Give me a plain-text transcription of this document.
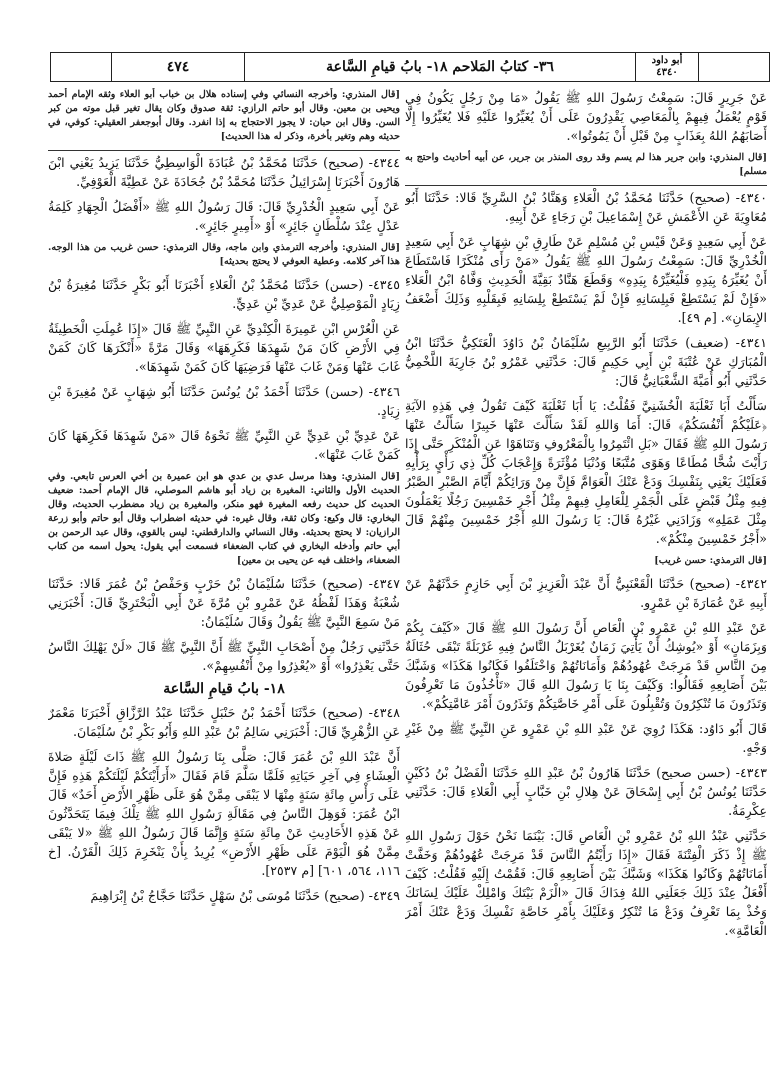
٤٧٤	٣٦- كتابُ المَلاحم ١٨- بابُ قيامِ السَّاعة	أبو داود
٤٣٤٠

عَنْ جَرِيرٍ قَالَ: سَمِعْتُ رَسُولَ اللهِ ﷺ يَقُولُ «مَا مِنْ رَجُلٍ يَكُونُ فِي قَوْمٍ يُعْمَلُ فِيهِمْ بِالْمَعَاصِي يَقْدِرُونَ عَلَى أَنْ يُغَيِّرُوا عَلَيْهِ فَلا يُغَيِّرُوا إِلَّا أَصَابَهُمُ اللهُ بِعَذَابٍ مِنْ قَبْلِ أَنْ يَمُوتُوا».

[قال المنذري: وابن جرير هذا لم يسم وقد روى المنذر بن جرير، عن أبيه أحاديث واحتج به مسلم]

٤٣٤٠- (صحيح) حَدَّثَنَا مُحَمَّدُ بْنُ الْعَلاءِ وَهَنَّادُ بْنُ السَّرِيِّ قَالا: حَدَّثَنَا أَبُو مُعَاوِيَةَ عَنِ الأَعْمَشِ عَنْ إِسْمَاعِيلَ بْنِ رَجَاءٍ عَنْ أَبِيهِ.

عَنْ أَبِي سَعِيدٍ وَعَنْ قَيْسِ بْنِ مُسْلِمٍ عَنْ طَارِقِ بْنِ شِهَابٍ عَنْ أَبِي سَعِيدٍ الْخُدْرِيِّ قَالَ: سَمِعْتُ رَسُولَ اللهِ ﷺ يَقُولُ «مَنْ رَأَى مُنْكَرًا فَاسْتَطَاعَ أَنْ يُغَيِّرَهُ بِيَدِهِ فَلْيُغَيِّرْهُ بِيَدِهِ» وَقَطَعَ هَنَّادٌ بَقِيَّةَ الْحَدِيثِ وَفَّاهُ ابْنُ الْعَلاءِ «فَإِنْ لَمْ يَسْتَطِعْ فَبِلِسَانِهِ فَإِنْ لَمْ يَسْتَطِعْ بِلِسَانِهِ فَبِقَلْبِهِ وَذَلِكَ أَضْعَفُ الإِيمَانِ». [م ٤٩].

٤٣٤١- (ضعيف) حَدَّثَنَا أَبُو الرَّبِيعِ سُلَيْمَانُ بْنُ دَاوُدَ الْعَتَكِيُّ حَدَّثَنَا ابْنُ الْمُبَارَكِ عَنْ عُتْبَةَ بْنِ أَبِي حَكِيمٍ قَالَ: حَدَّثَنِي عَمْرُو بْنُ جَارِيَةَ اللَّخْمِيُّ حَدَّثَنِي أَبُو أُمَيَّةَ الشَّعْبَانِيُّ قَالَ:

سَأَلْتُ أَبَا ثَعْلَبَةَ الْخُشَنِيَّ فَقُلْتُ: يَا أَبَا ثَعْلَبَةَ كَيْفَ تَقُولُ فِي هَذِهِ الآيَةِ ﴿عَلَيْكُمْ أَنْفُسَكُمْ﴾ قَالَ: أَمَا وَاللهِ لَقَدْ سَأَلْتَ عَنْهَا خَبِيرًا سَأَلْتُ عَنْهَا رَسُولَ اللهِ ﷺ فَقَالَ «بَلِ ائْتَمِرُوا بِالْمَعْرُوفِ وَتَنَاهَوْا عَنِ الْمُنْكَرِ حَتَّى إِذَا رَأَيْتَ شُحًّا مُطَاعًا وَهَوًى مُتَّبَعًا وَدُنْيَا مُؤْثَرَةً وَإِعْجَابَ كُلِّ ذِي رَأْيٍ بِرَأْيِهِ فَعَلَيْكَ يَعْنِي بِنَفْسِكَ وَدَعْ عَنْكَ الْعَوَامَّ فَإِنَّ مِنْ وَرَائِكُمْ أَيَّامَ الصَّبْرِ الصَّبْرُ فِيهِ مِثْلُ قَبْضٍ عَلَى الْجَمْرِ لِلْعَامِلِ فِيهِمْ مِثْلُ أَجْرِ خَمْسِينَ رَجُلًا يَعْمَلُونَ مِثْلَ عَمَلِهِ» وَزَادَنِي غَيْرُهُ قَالَ: يَا رَسُولَ اللهِ أَجْرُ خَمْسِينَ مِنْهُمْ قَالَ «أَجْرُ خَمْسِينَ مِنْكُمْ».

[قال الترمذي: حسن غريب]

٤٣٤٢- (صحيح) حَدَّثَنَا الْقَعْنَبِيُّ أَنَّ عَبْدَ الْعَزِيزِ بْنَ أَبِي حَازِمٍ حَدَّثَهُمْ عَنْ أَبِيهِ عَنْ عُمَارَةَ بْنِ عَمْرٍو.

عَنْ عَبْدِ اللهِ بْنِ عَمْرِو بْنِ الْعَاصِ أَنَّ رَسُولَ اللهِ ﷺ قَالَ «كَيْفَ بِكُمْ وَبِزَمَانٍ» أَوْ «يُوشِكُ أَنْ يَأْتِيَ زَمَانٌ يُغَرْبَلُ النَّاسُ فِيهِ غَرْبَلَةً تَبْقَى حُثَالَةٌ مِنَ النَّاسِ قَدْ مَرِجَتْ عُهُودُهُمْ وَأَمَانَاتُهُمْ وَاخْتَلَفُوا فَكَانُوا هَكَذَا» وَشَبَّكَ بَيْنَ أَصَابِعِهِ فَقَالُوا: وَكَيْفَ بِنَا يَا رَسُولَ اللهِ قَالَ «تَأْخُذُونَ مَا تَعْرِفُونَ وَتَذَرُونَ مَا تُنْكِرُونَ وَتُقْبِلُونَ عَلَى أَمْرِ خَاصَّتِكُمْ وَتَذَرُونَ أَمْرَ عَامَّتِكُمْ».

قَالَ أَبُو دَاوُد: هَكَذَا رُوِيَ عَنْ عَبْدِ اللهِ بْنِ عَمْرٍو عَنِ النَّبِيِّ ﷺ مِنْ غَيْرِ وَجْهٍ.

٤٣٤٣- (حسن صحيح) حَدَّثَنَا هَارُونُ بْنُ عَبْدِ اللهِ حَدَّثَنَا الْفَضْلُ بْنُ دُكَيْنٍ حَدَّثَنَا يُونُسُ بْنُ أَبِي إِسْحَاقَ عَنْ هِلالِ بْنِ خَبَّابٍ أَبِي الْعَلاءِ قَالَ: حَدَّثَنِي عِكْرِمَةُ.

حَدَّثَنِي عَبْدُ اللهِ بْنُ عَمْرِو بْنِ الْعَاصِ قَالَ: بَيْنَمَا نَحْنُ حَوْلَ رَسُولِ اللهِ ﷺ إِذْ ذَكَرَ الْفِتْنَةَ فَقَالَ «إِذَا رَأَيْتُمُ النَّاسَ قَدْ مَرِجَتْ عُهُودُهُمْ وَخَفَّتْ أَمَانَاتُهُمْ وَكَانُوا هَكَذَا» وَشَبَّكَ بَيْنَ أَصَابِعِهِ قَالَ: فَقُمْتُ إِلَيْهِ فَقُلْتُ: كَيْفَ أَفْعَلُ عِنْدَ ذَلِكَ جَعَلَنِي اللهُ فِدَاكَ قَالَ «الْزَمْ بَيْتَكَ وَامْلِكْ عَلَيْكَ لِسَانَكَ وَخُذْ بِمَا تَعْرِفُ وَدَعْ مَا تُنْكِرُ وَعَلَيْكَ بِأَمْرِ خَاصَّةِ نَفْسِكَ وَدَعْ عَنْكَ أَمْرَ الْعَامَّةِ».

[قال المنذري: وأخرجه النسائي وفي إسناده هلال بن خباب أبو العلاء وثقه الإمام أحمد ويحيى بن معين. وقال أبو حاتم الرازي: ثقة صدوق وكان يقال تغير قبل موته من كبر السن. وقال ابن حبان: لا يجوز الاحتجاج به إذا انفرد. وقال أبوجعفر العقيلي: كوفي، في حديثه وهم وتغير بأخرة، وذكر له هذا الحديث]

٤٣٤٤- (صحيح) حَدَّثَنَا مُحَمَّدُ بْنُ عُبَادَةَ الْوَاسِطِيُّ حَدَّثَنَا يَزِيدُ يَعْنِي ابْنَ هَارُونَ أَخْبَرَنَا إِسْرَائِيلُ حَدَّثَنَا مُحَمَّدُ بْنُ جُحَادَةَ عَنْ عَطِيَّةَ الْعَوْفِيِّ.

عَنْ أَبِي سَعِيدٍ الْخُدْرِيِّ قَالَ: قَالَ رَسُولُ اللهِ ﷺ «أَفْضَلُ الْجِهَادِ كَلِمَةُ عَدْلٍ عِنْدَ سُلْطَانٍ جَائِرٍ» أَوْ «أَمِيرٍ جَائِرٍ».

[قال المنذري: وأخرجه الترمذي وابن ماجه، وقال الترمذي: حسن غريب من هذا الوجه. هذا آخر كلامه. وعطية العوفي لا يحتج بحديثه]

٤٣٤٥- (حسن) حَدَّثَنَا مُحَمَّدُ بْنُ الْعَلاءِ أَخْبَرَنَا أَبُو بَكْرٍ حَدَّثَنَا مُغِيرَةُ بْنُ زِيَادٍ الْمَوْصِلِيُّ عَنْ عَدِيِّ بْنِ عَدِيٍّ.

عَنِ الْعُرْسِ ابْنِ عَمِيرَةَ الْكِنْدِيِّ عَنِ النَّبِيِّ ﷺ قَالَ «إِذَا عُمِلَتِ الْخَطِيئَةُ فِي الأَرْضِ كَانَ مَنْ شَهِدَهَا فَكَرِهَهَا» وَقَالَ مَرَّةً «أَنْكَرَهَا كَانَ كَمَنْ غَابَ عَنْهَا وَمَنْ غَابَ عَنْهَا فَرَضِيَهَا كَانَ كَمَنْ شَهِدَهَا».

٤٣٤٦- (حسن) حَدَّثَنَا أَحْمَدُ بْنُ يُونُسَ حَدَّثَنَا أَبُو شِهَابٍ عَنْ مُغِيرَةَ بْنِ زِيَادٍ.

عَنْ عَدِيِّ بْنِ عَدِيٍّ عَنِ النَّبِيِّ ﷺ نَحْوَهُ قَالَ «مَنْ شَهِدَهَا فَكَرِهَهَا كَانَ كَمَنْ غَابَ عَنْهَا».

[قال المنذري: وهذا مرسل عدي بن عدي هو ابن عميرة بن أخي العرس تابعي. وفي الحديث الأول والثاني: المغيرة بن زياد أبو هاشم الموصلي، قال الإمام أحمد: ضعيف الحديث كل حديث رفعه المغيرة فهو منكر، والمغيرة بن زياد مضطرب الحديث، وقال البخاري: قال وكيع: وكان ثقة، وقال غيره: في حديثه اضطراب وقال أبو حاتم وأبو زرعة الرازيان: لا يحتج بحديثه. وقال النسائي والدارقطني: ليس بالقوي، وقال عبد الرحمن بن أبي حاتم وأدخله البخاري في كتاب الضعفاء فسمعت أبي يقول: يحول اسمه من كتاب الضعفاء، واختلف فيه عن يحيى بن معين]

٤٣٤٧- (صحيح) حَدَّثَنَا سُلَيْمَانُ بْنُ حَرْبٍ وَحَفْصُ بْنُ عُمَرَ قَالا: حَدَّثَنَا شُعْبَةُ وَهَذَا لَفْظُهُ عَنْ عَمْرِو بْنِ مُرَّةَ عَنْ أَبِي الْبَخْتَرِيِّ قَالَ: أَخْبَرَنِي مَنْ سَمِعَ النَّبِيَّ ﷺ يَقُولُ وَقَالَ سُلَيْمَانُ:

حَدَّثَنِي رَجُلٌ مِنْ أَصْحَابِ النَّبِيِّ ﷺ أَنَّ النَّبِيَّ ﷺ قَالَ «لَنْ يَهْلِكَ النَّاسُ حَتَّى يَعْذِرُوا» أَوْ «يُعْذِرُوا مِنْ أَنْفُسِهِمْ».

١٨- بابُ قيامِ السَّاعة

٤٣٤٨- (صحيح) حَدَّثَنَا أَحْمَدُ بْنُ حَنْبَلٍ حَدَّثَنَا عَبْدُ الرَّزَّاقِ أَخْبَرَنَا مَعْمَرٌ عَنِ الزُّهْرِيِّ قَالَ: أَخْبَرَنِي سَالِمُ بْنُ عَبْدِ اللهِ وَأَبُو بَكْرِ بْنُ سُلَيْمَانَ.

أَنَّ عَبْدَ اللهِ بْنَ عُمَرَ قَالَ: صَلَّى بِنَا رَسُولُ اللهِ ﷺ ذَاتَ لَيْلَةٍ صَلاةَ الْعِشَاءِ فِي آخِرِ حَيَاتِهِ فَلَمَّا سَلَّمَ قَامَ فَقَالَ «أَرَأَيْتَكُمْ لَيْلَتَكُمْ هَذِهِ فَإِنَّ عَلَى رَأْسِ مِائَةِ سَنَةٍ مِنْهَا لا يَبْقَى مِمَّنْ هُوَ عَلَى ظَهْرِ الأَرْضِ أَحَدٌ» قَالَ ابْنُ عُمَرَ: فَوَهِلَ النَّاسُ فِي مَقَالَةِ رَسُولِ اللهِ ﷺ تِلْكَ فِيمَا يَتَحَدَّثُونَ عَنْ هَذِهِ الأَحَادِيثِ عَنْ مِائَةِ سَنَةٍ وَإِنَّمَا قَالَ رَسُولُ اللهِ ﷺ «لا يَبْقَى مِمَّنْ هُوَ الْيَوْمَ عَلَى ظَهْرِ الأَرْضِ» يُرِيدُ بِأَنْ يَنْخَرِمَ ذَلِكَ الْقَرْنُ. [خ ١١٦، ٥٦٤، ٦٠١] [م ٢٥٣٧].

٤٣٤٩- (صحيح) حَدَّثَنَا مُوسَى بْنُ سَهْلٍ حَدَّثَنَا حَجَّاجُ بْنُ إِبْرَاهِيمَ
